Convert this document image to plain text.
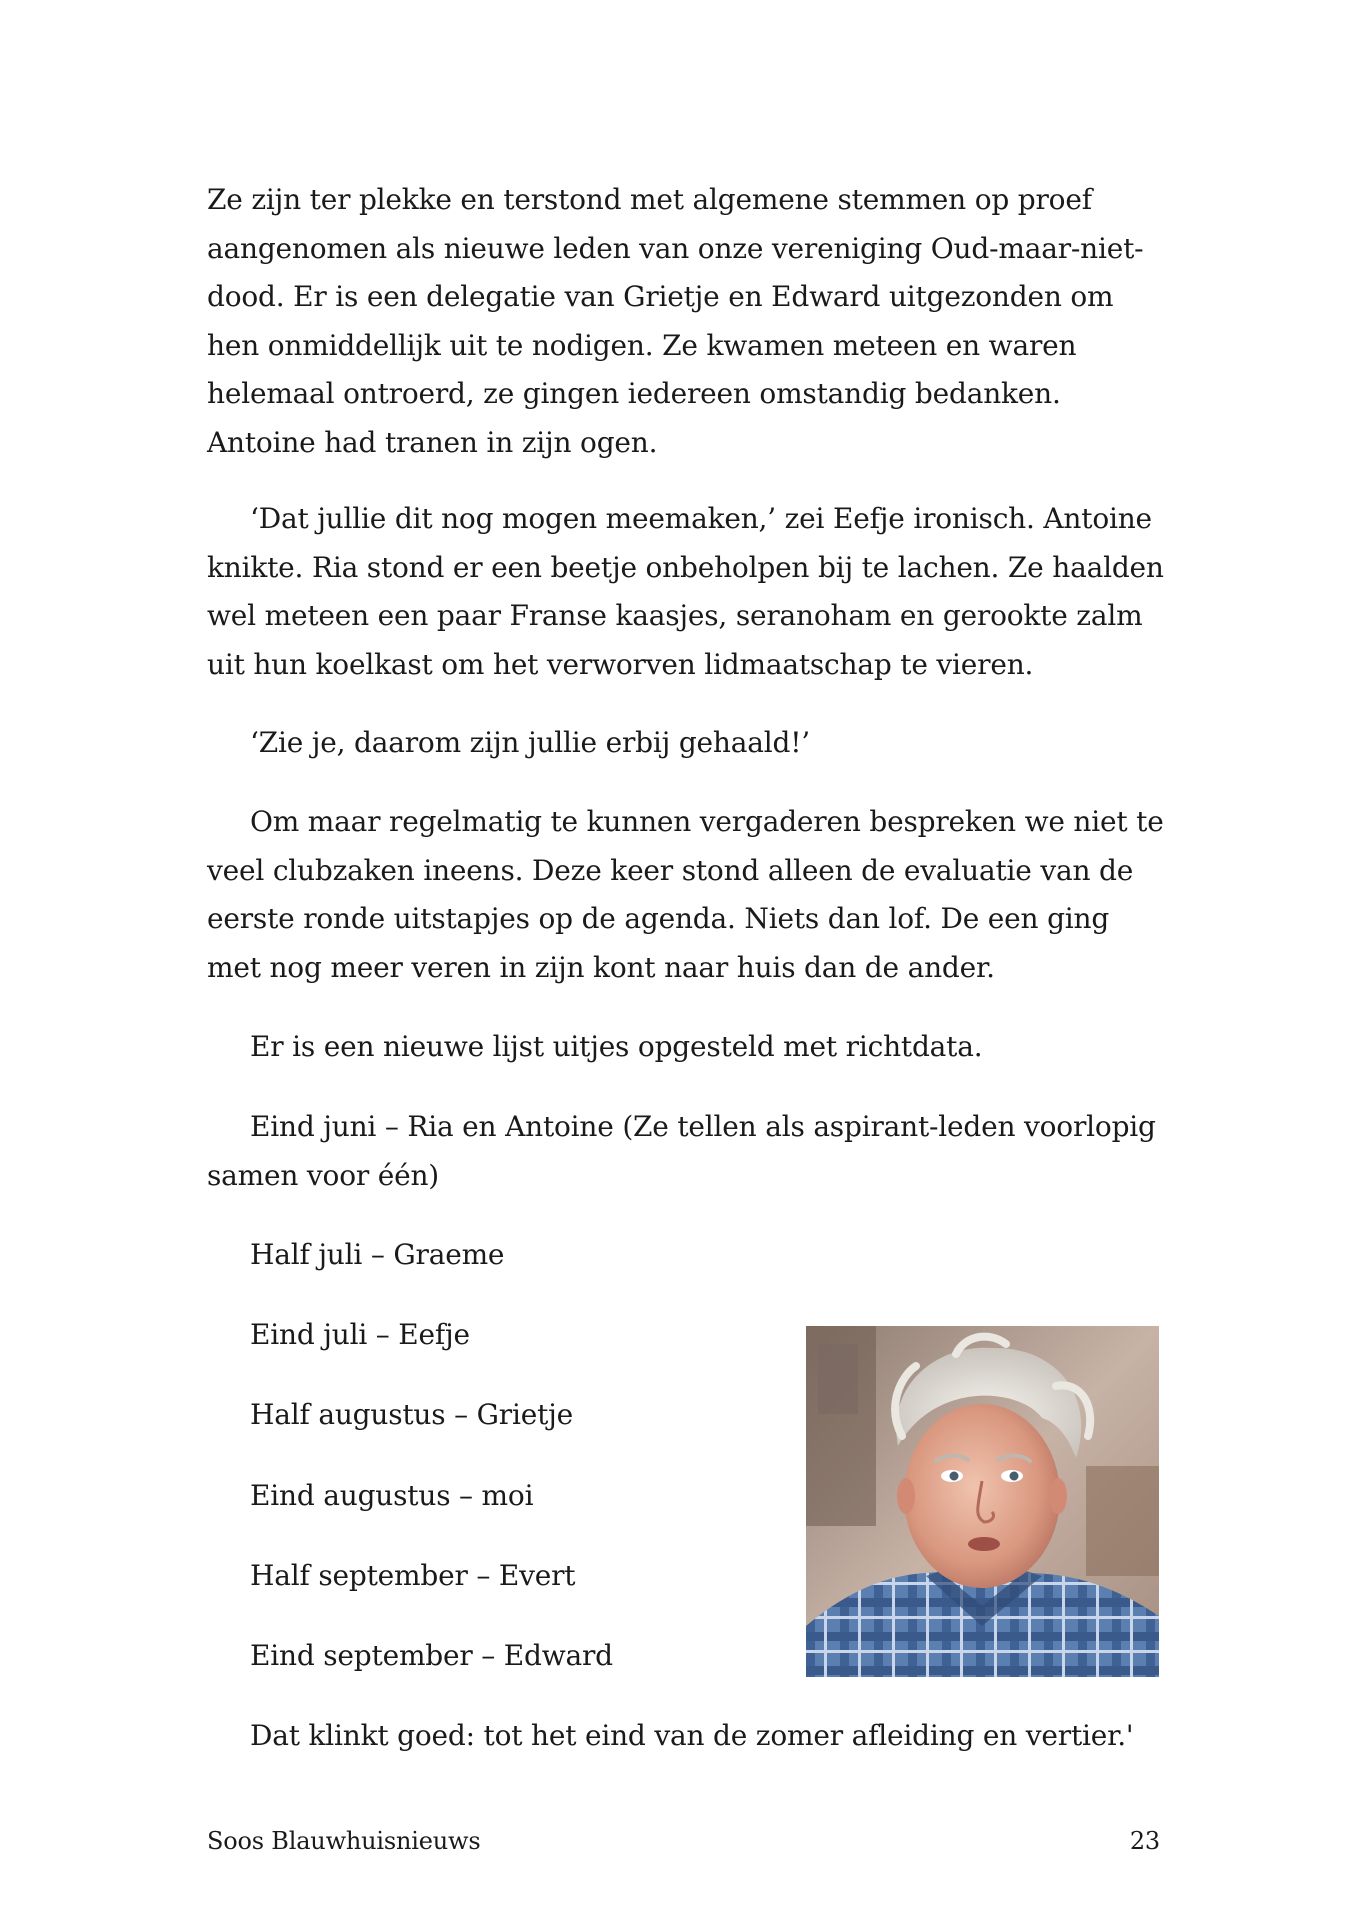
Ze zijn ter plekke en terstond met algemene stemmen op proef aangenomen als nieuwe leden van onze vereniging Oud-maar-niet-dood. Er is een delegatie van Grietje en Edward uitgezonden om hen onmiddellijk uit te nodigen. Ze kwamen meteen en waren helemaal ontroerd, ze gingen iedereen omstandig bedanken. Antoine had tranen in zijn ogen.

‘Dat jullie dit nog mogen meemaken,’ zei Eefje ironisch. Antoine knikte. Ria stond er een beetje onbeholpen bij te lachen. Ze haalden wel meteen een paar Franse kaasjes, seranoham en gerookte zalm uit hun koelkast om het verworven lidmaatschap te vieren.

‘Zie je, daarom zijn jullie erbij gehaald!’

Om maar regelmatig te kunnen vergaderen bespreken we niet te veel clubzaken ineens. Deze keer stond alleen de evaluatie van de eerste ronde uitstapjes op de agenda. Niets dan lof. De een ging met nog meer veren in zijn kont naar huis dan de ander.

Er is een nieuwe lijst uitjes opgesteld met richtdata.

Eind juni – Ria en Antoine (Ze tellen als aspirant-leden voorlopig samen voor één)

Half juli – Graeme

Eind juli – Eefje

Half augustus – Grietje

Eind augustus – moi

Half september – Evert

Eind september – Edward

Dat klinkt goed: tot het eind van de zomer afleiding en vertier.'

Soos Blauwhuisnieuws	23
